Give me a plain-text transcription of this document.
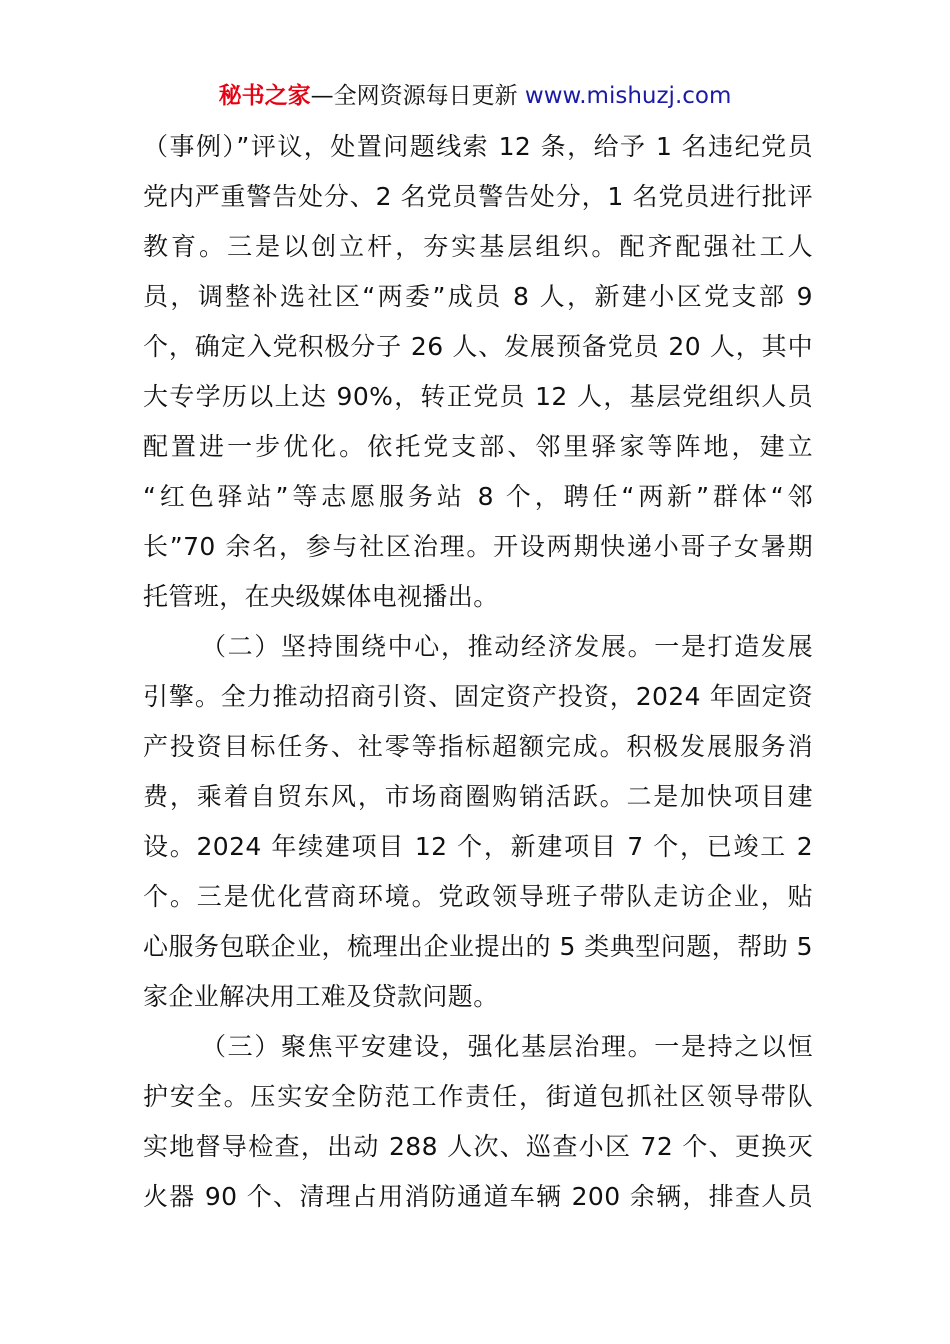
秘书之家—全网资源每日更新 www.mishuzj.com
（事例）”评议，处置问题线索 12 条，给予 1 名违纪党员
党内严重警告处分、2 名党员警告处分，1 名党员进行批评
教育。三是以创立杆，夯实基层组织。配齐配强社工人
员，调整补选社区“两委”成员 8 人，新建小区党支部 9
个，确定入党积极分子 26 人、发展预备党员 20 人，其中
大专学历以上达 90%，转正党员 12 人，基层党组织人员
配置进一步优化。依托党支部、邻里驿家等阵地，建立
“红色驿站”等志愿服务站 8 个，聘任“两新”群体“邻
长”70 余名，参与社区治理。开设两期快递小哥子女暑期
托管班，在央级媒体电视播出。
（二）坚持围绕中心，推动经济发展。一是打造发展
引擎。全力推动招商引资、固定资产投资，2024 年固定资
产投资目标任务、社零等指标超额完成。积极发展服务消
费，乘着自贸东风，市场商圈购销活跃。二是加快项目建
设。2024 年续建项目 12 个，新建项目 7 个，已竣工 2
个。三是优化营商环境。党政领导班子带队走访企业，贴
心服务包联企业，梳理出企业提出的 5 类典型问题，帮助 5
家企业解决用工难及贷款问题。
（三）聚焦平安建设，强化基层治理。一是持之以恒
护安全。压实安全防范工作责任，街道包抓社区领导带队
实地督导检查，出动 288 人次、巡查小区 72 个、更换灭
火器 90 个、清理占用消防通道车辆 200 余辆，排查人员
